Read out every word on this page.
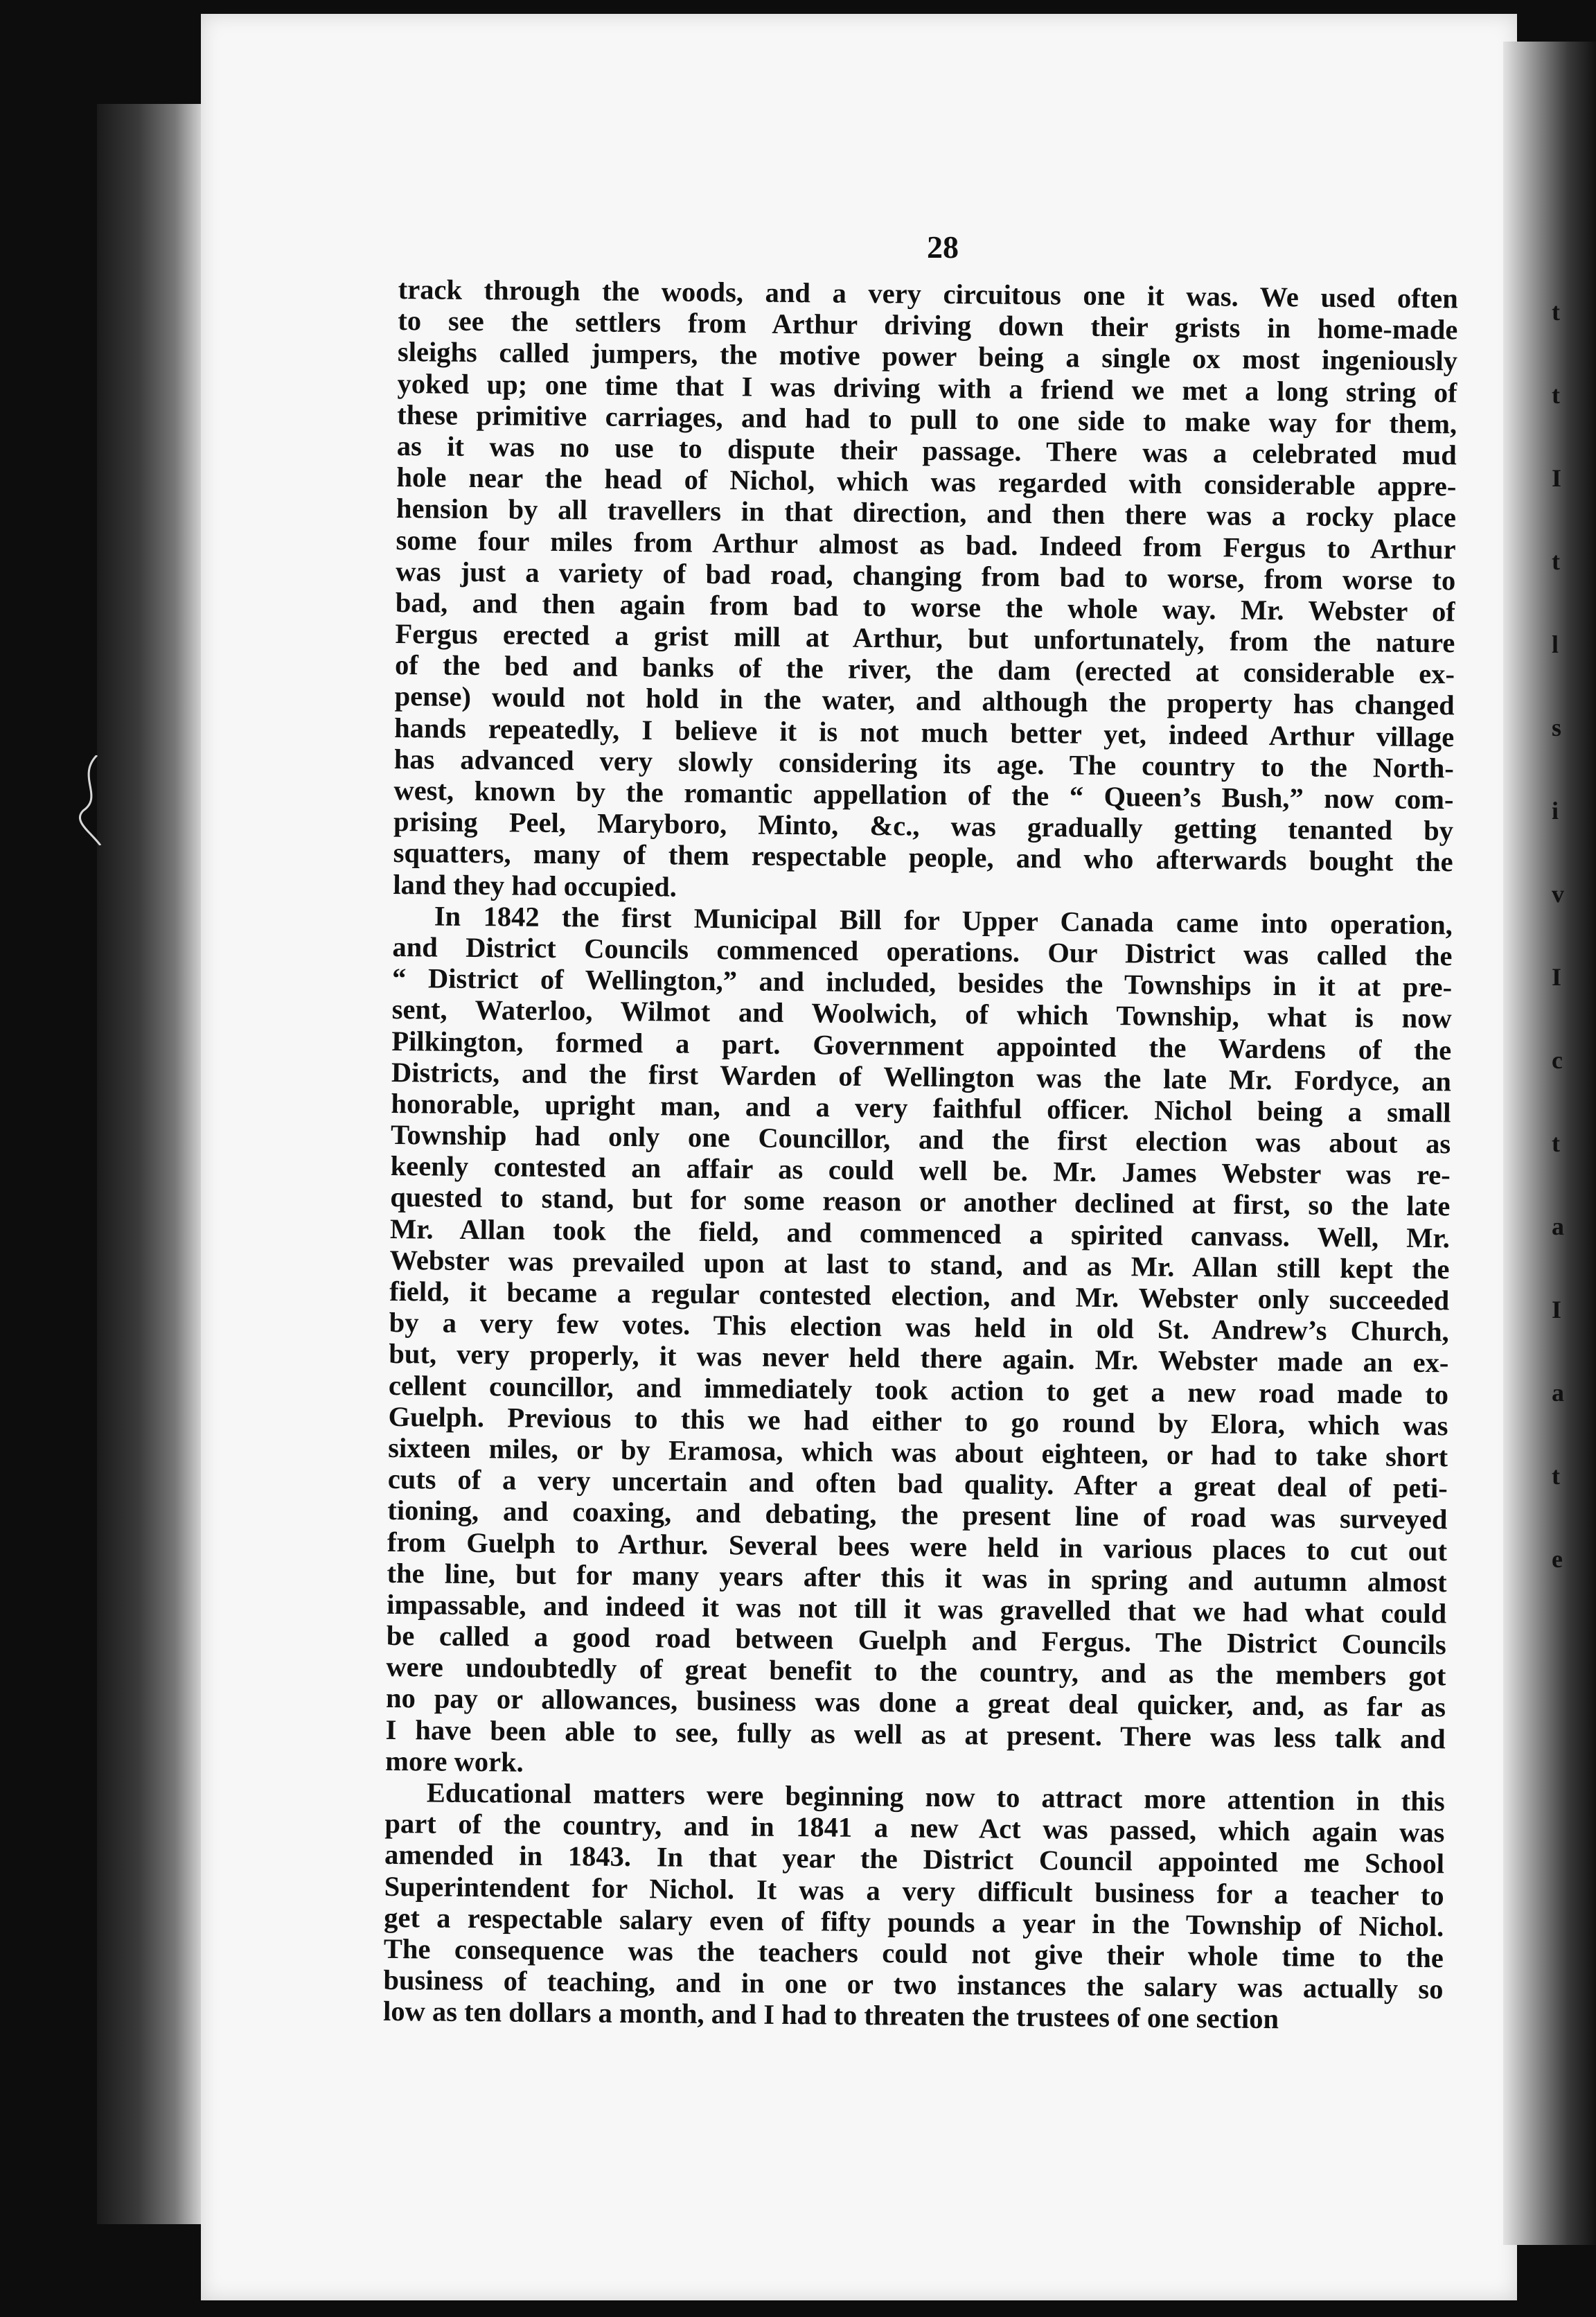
t
t
I
t
l
s
i
v
I
c
t
a
I
a
t
e
28
track through the woods, and a very circuitous one it was. We used often
to see the settlers from Arthur driving down their grists in home-made
sleighs called jumpers, the motive power being a single ox most ingeniously
yoked up; one time that I was driving with a friend we met a long string of
these primitive carriages, and had to pull to one side to make way for them,
as it was no use to dispute their passage. There was a celebrated mud
hole near the head of Nichol, which was regarded with considerable appre-
hension by all travellers in that direction, and then there was a rocky place
some four miles from Arthur almost as bad. Indeed from Fergus to Arthur
was just a variety of bad road, changing from bad to worse, from worse to
bad, and then again from bad to worse the whole way. Mr. Webster of
Fergus erected a grist mill at Arthur, but unfortunately, from the nature
of the bed and banks of the river, the dam (erected at considerable ex-
pense) would not hold in the water, and although the property has changed
hands repeatedly, I believe it is not much better yet, indeed Arthur village
has advanced very slowly considering its age. The country to the North-
west, known by the romantic appellation of the “ Queen’s Bush,” now com-
prising Peel, Maryboro, Minto, &c., was gradually getting tenanted by
squatters, many of them respectable people, and who afterwards bought the
land they had occupied.
In 1842 the first Municipal Bill for Upper Canada came into operation,
and District Councils commenced operations. Our District was called the
“ District of Wellington,” and included, besides the Townships in it at pre-
sent, Waterloo, Wilmot and Woolwich, of which Township, what is now
Pilkington, formed a part. Government appointed the Wardens of the
Districts, and the first Warden of Wellington was the late Mr. Fordyce, an
honorable, upright man, and a very faithful officer. Nichol being a small
Township had only one Councillor, and the first election was about as
keenly contested an affair as could well be. Mr. James Webster was re-
quested to stand, but for some reason or another declined at first, so the late
Mr. Allan took the field, and commenced a spirited canvass. Well, Mr.
Webster was prevailed upon at last to stand, and as Mr. Allan still kept the
field, it became a regular contested election, and Mr. Webster only succeeded
by a very few votes. This election was held in old St. Andrew’s Church,
but, very properly, it was never held there again. Mr. Webster made an ex-
cellent councillor, and immediately took action to get a new road made to
Guelph. Previous to this we had either to go round by Elora, which was
sixteen miles, or by Eramosa, which was about eighteen, or had to take short
cuts of a very uncertain and often bad quality. After a great deal of peti-
tioning, and coaxing, and debating, the present line of road was surveyed
from Guelph to Arthur. Several bees were held in various places to cut out
the line, but for many years after this it was in spring and autumn almost
impassable, and indeed it was not till it was gravelled that we had what could
be called a good road between Guelph and Fergus. The District Councils
were undoubtedly of great benefit to the country, and as the members got
no pay or allowances, business was done a great deal quicker, and, as far as
I have been able to see, fully as well as at present. There was less talk and
more work.
Educational matters were beginning now to attract more attention in this
part of the country, and in 1841 a new Act was passed, which again was
amended in 1843. In that year the District Council appointed me School
Superintendent for Nichol. It was a very difficult business for a teacher to
get a respectable salary even of fifty pounds a year in the Township of Nichol.
The consequence was the teachers could not give their whole time to the
business of teaching, and in one or two instances the salary was actually so
low as ten dollars a month, and I had to threaten the trustees of one section
